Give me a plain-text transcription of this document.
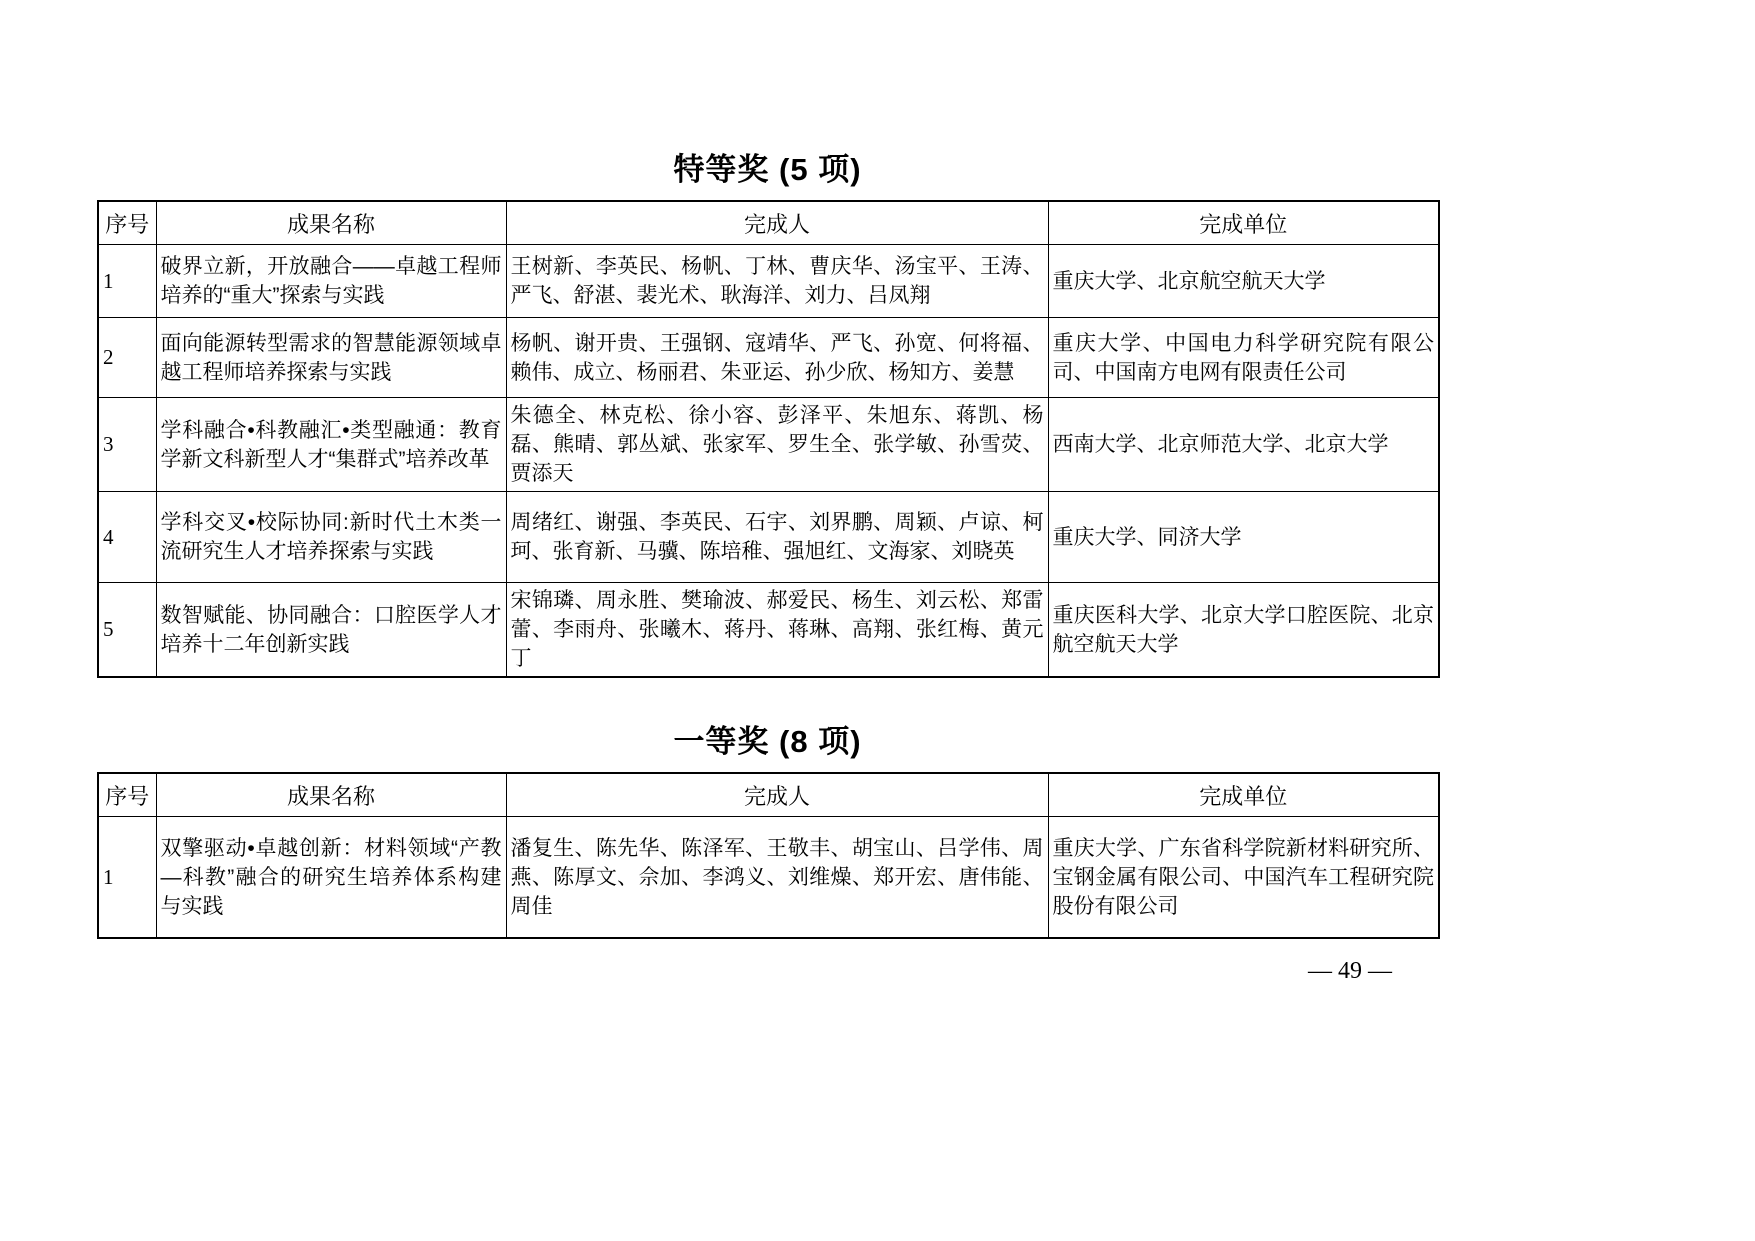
特等奖 (5 项)
序号	成果名称	完成人	完成单位
1	破界立新，开放融合——卓越工程师培养的“重大”探索与实践	王树新、李英民、杨帆、丁林、曹庆华、汤宝平、王涛、严飞、舒湛、裴光术、耿海洋、刘力、吕凤翔	重庆大学、北京航空航天大学
2	面向能源转型需求的智慧能源领域卓越工程师培养探索与实践	杨帆、谢开贵、王强钢、寇靖华、严飞、孙宽、何将福、赖伟、成立、杨丽君、朱亚运、孙少欣、杨知方、姜慧	重庆大学、中国电力科学研究院有限公司、中国南方电网有限责任公司
3	学科融合•科教融汇•类型融通：教育学新文科新型人才“集群式”培养改革	朱德全、林克松、徐小容、彭泽平、朱旭东、蒋凯、杨磊、熊晴、郭丛斌、张家军、罗生全、张学敏、孙雪荧、贾添天	西南大学、北京师范大学、北京大学
4	学科交叉•校际协同:新时代土木类一流研究生人才培养探索与实践	周绪红、谢强、李英民、石宇、刘界鹏、周颖、卢谅、柯珂、张育新、马骥、陈培稚、强旭红、文海家、刘晓英	重庆大学、同济大学
5	数智赋能、协同融合：口腔医学人才培养十二年创新实践	宋锦璘、周永胜、樊瑜波、郝爱民、杨生、刘云松、郑雷蕾、李雨舟、张曦木、蒋丹、蒋琳、高翔、张红梅、黄元丁	重庆医科大学、北京大学口腔医院、北京航空航天大学
一等奖 (8 项)
序号	成果名称	完成人	完成单位
1	双擎驱动•卓越创新：材料领域“产教—科教”融合的研究生培养体系构建与实践	潘复生、陈先华、陈泽军、王敬丰、胡宝山、吕学伟、周燕、陈厚文、佘加、李鸿义、刘维燥、郑开宏、唐伟能、周佳	重庆大学、广东省科学院新材料研究所、宝钢金属有限公司、中国汽车工程研究院股份有限公司
— 49 —
